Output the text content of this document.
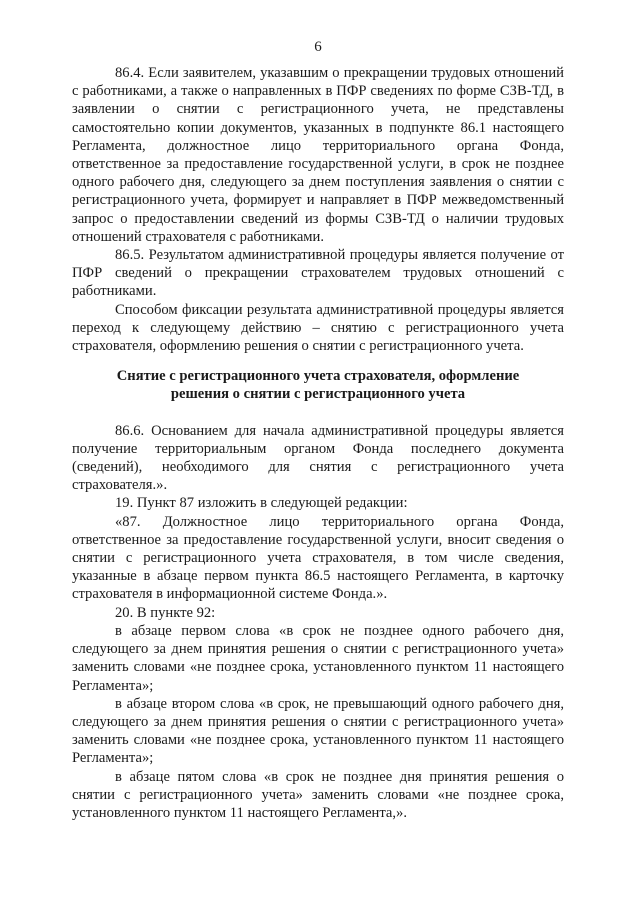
6

86.4. Если заявителем, указавшим о прекращении трудовых отношений с работниками, а также о направленных в ПФР сведениях по форме СЗВ-ТД, в заявлении о снятии с регистрационного учета, не представлены самостоятельно копии документов, указанных в подпункте 86.1 настоящего Регламента, должностное лицо территориального органа Фонда, ответственное за предоставление государственной услуги, в срок не позднее одного рабочего дня, следующего за днем поступления заявления о снятии с регистрационного учета, формирует и направляет в ПФР межведомственный запрос о предоставлении сведений из формы СЗВ-ТД о наличии трудовых отношений страхователя с работниками.

86.5. Результатом административной процедуры является получение от ПФР сведений о прекращении страхователем трудовых отношений с работниками.

Способом фиксации результата административной процедуры является переход к следующему действию – снятию с регистрационного учета страхователя, оформлению решения о снятии с регистрационного учета.

Снятие с регистрационного учета страхователя, оформление
решения о снятии с регистрационного учета

86.6. Основанием для начала административной процедуры является получение территориальным органом Фонда последнего документа (сведений), необходимого для снятия с регистрационного учета страхователя.».

19. Пункт 87 изложить в следующей редакции:

«87. Должностное лицо территориального органа Фонда, ответственное за предоставление государственной услуги, вносит сведения о снятии с регистрационного учета страхователя, в том числе сведения, указанные в абзаце первом пункта 86.5 настоящего Регламента, в карточку страхователя в информационной системе Фонда.».

20. В пункте 92:

в абзаце первом слова «в срок не позднее одного рабочего дня, следующего за днем принятия решения о снятии с регистрационного учета» заменить словами «не позднее срока, установленного пунктом 11 настоящего Регламента»;

в абзаце втором слова «в срок, не превышающий одного рабочего дня, следующего за днем принятия решения о снятии с регистрационного учета» заменить словами «не позднее срока, установленного пунктом 11 настоящего Регламента»;

в абзаце пятом слова «в срок не позднее дня принятия решения о снятии с регистрационного учета» заменить словами «не позднее срока, установленного пунктом 11 настоящего Регламента,».
